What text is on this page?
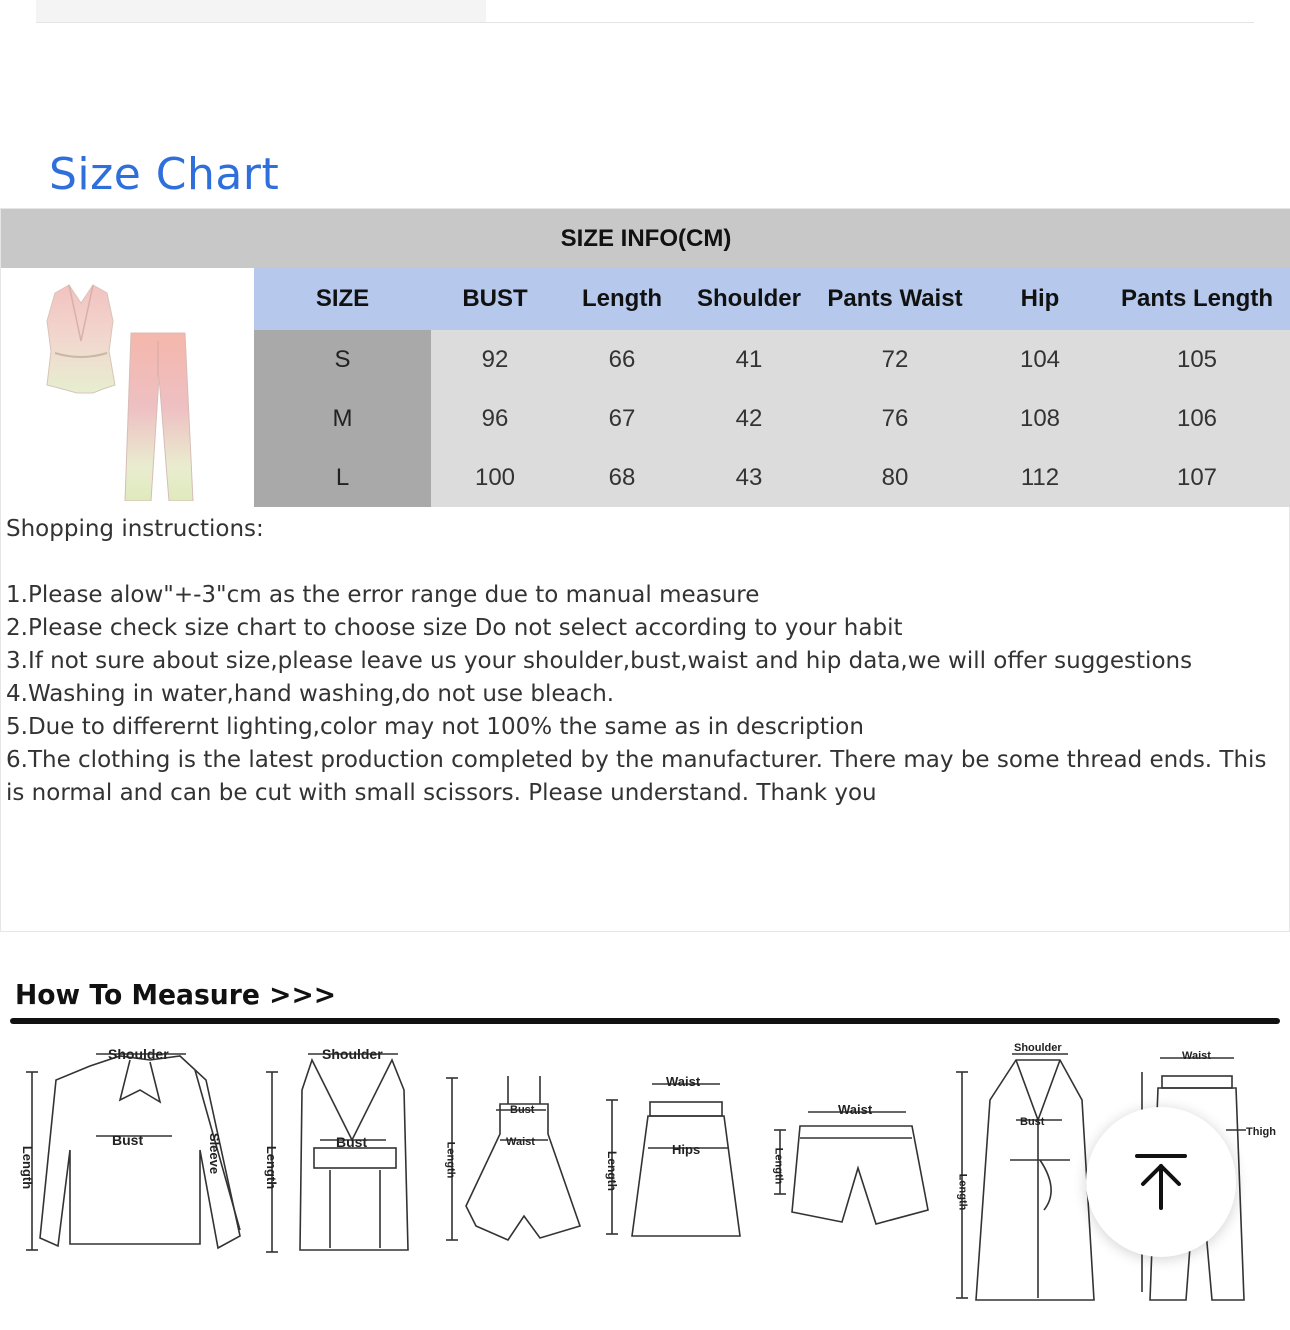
Size Chart
SIZE INFO(CM)
SIZE	BUST	Length	Shoulder	Pants Waist	Hip	Pants Length
S	92	66	41	72	104	105
M	96	67	42	76	108	106
L	100	68	43	80	112	107
Shopping instructions:
1.Please alow"+-3"cm as the error range due to manual measure
2.Please check size chart to choose size Do not select according to your habit
3.If not sure about size,please leave us your shoulder,bust,waist and hip data,we will offer suggestions
4.Washing in water,hand washing,do not use bleach.
5.Due to differernt lighting,color may not 100% the same as in description
6.The clothing is the latest production completed by the manufacturer. There may be some thread ends. This is normal and can be cut with small scissors. Please understand. Thank you
How To Measure >>>
Shoulder
Bust	Sleeve
Length
Shoulder
Bust
Length
Bust
Waist
Length
Waist
Hips
Length
Waist
Length
Shoulder
Bust
Length
Waist
Thigh
